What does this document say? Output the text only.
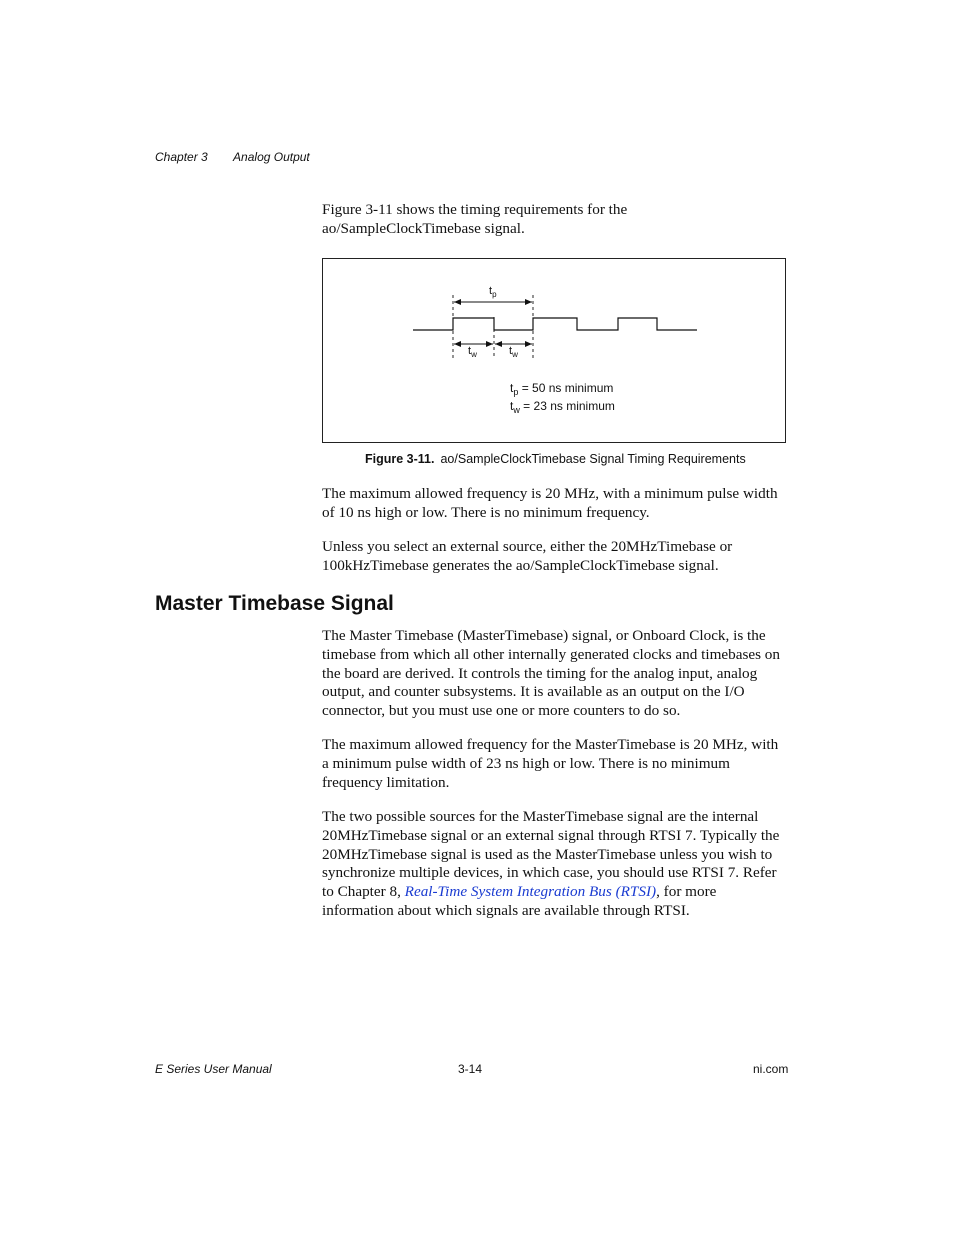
Chapter 3 Analog Output

Figure 3-11 shows the timing requirements for the
ao/SampleClockTimebase signal.

$t_p$
$t_w$	$t_w$
$t_p = 50$ ns minimum
$t_w = 23$ ns minimum
Figure 3-11. ao/SampleClockTimebase Signal Timing Requirements

The maximum allowed frequency is 20 MHz, with a minimum pulse width
of 10 ns high or low. There is no minimum frequency.

Unless you select an external source, either the 20MHzTimebase or
100kHzTimebase generates the ao/SampleClockTimebase signal.

Master Timebase Signal

The Master Timebase (MasterTimebase) signal, or Onboard Clock, is the
timebase from which all other internally generated clocks and timebases on
the board are derived. It controls the timing for the analog input, analog
output, and counter subsystems. It is available as an output on the I/O
connector, but you must use one or more counters to do so.

The maximum allowed frequency for the MasterTimebase is 20 MHz, with
a minimum pulse width of 23 ns high or low. There is no minimum
frequency limitation.

The two possible sources for the MasterTimebase signal are the internal
20MHzTimebase signal or an external signal through RTSI 7. Typically the
20MHzTimebase signal is used as the MasterTimebase unless you wish to
synchronize multiple devices, in which case, you should use RTSI 7. Refer
to Chapter 8, Real-Time System Integration Bus (RTSI), for more
information about which signals are available through RTSI.

E Series User Manual	3-14	ni.com
